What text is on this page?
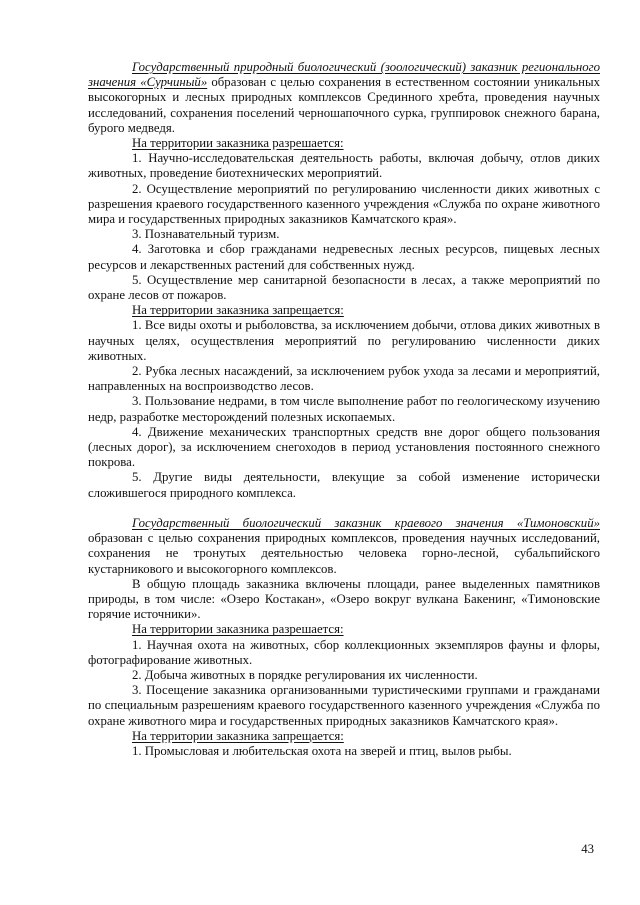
Государственный природный биологический (зоологический) заказник регионального значения «Сурчиный» образован с целью сохранения в естественном состоянии уникальных высокогорных и лесных природных комплексов Срединного хребта, проведения научных исследований, сохранения поселений черношапочного сурка, группировок снежного барана, бурого медведя.

На территории заказника разрешается:

1. Научно-исследовательская деятельность работы, включая добычу, отлов диких животных, проведение биотехнических мероприятий.

2. Осуществление мероприятий по регулированию численности диких животных с разрешения краевого государственного казенного учреждения «Служба по охране животного мира и государственных природных заказников Камчатского края».

3. Познавательный туризм.

4. Заготовка и сбор гражданами недревесных лесных ресурсов, пищевых лесных ресурсов и лекарственных растений для собственных нужд.

5. Осуществление мер санитарной безопасности в лесах, а также мероприятий по охране лесов от пожаров.

На территории заказника запрещается:

1. Все виды охоты и рыболовства, за исключением добычи, отлова диких животных в научных целях, осуществления мероприятий по регулированию численности диких животных.

2. Рубка лесных насаждений, за исключением рубок ухода за лесами и мероприятий, направленных на воспроизводство лесов.

3. Пользование недрами, в том числе выполнение работ по геологическому изучению недр, разработке месторождений полезных ископаемых.

4. Движение механических транспортных средств вне дорог общего пользования (лесных дорог), за исключением снегоходов в период установления постоянного снежного покрова.

5. Другие виды деятельности, влекущие за собой изменение исторически сложившегося природного комплекса.

Государственный биологический заказник краевого значения «Тимоновский» образован с целью сохранения природных комплексов, проведения научных исследований, сохранения не тронутых деятельностью человека горно-лесной, субальпийского кустарникового и высокогорного комплексов.

В общую площадь заказника включены площади, ранее выделенных памятников природы, в том числе: «Озеро Костакан», «Озеро вокруг вулкана Бакенинг, «Тимоновские горячие источники».

На территории заказника разрешается:

1. Научная охота на животных, сбор коллекционных экземпляров фауны и флоры, фотографирование животных.

2. Добыча животных в порядке регулирования их численности.

3. Посещение заказника организованными туристическими группами и гражданами по специальным разрешениям краевого государственного казенного учреждения «Служба по охране животного мира и государственных природных заказников Камчатского края».

На территории заказника запрещается:

1. Промысловая и любительская охота на зверей и птиц, вылов рыбы.

43
